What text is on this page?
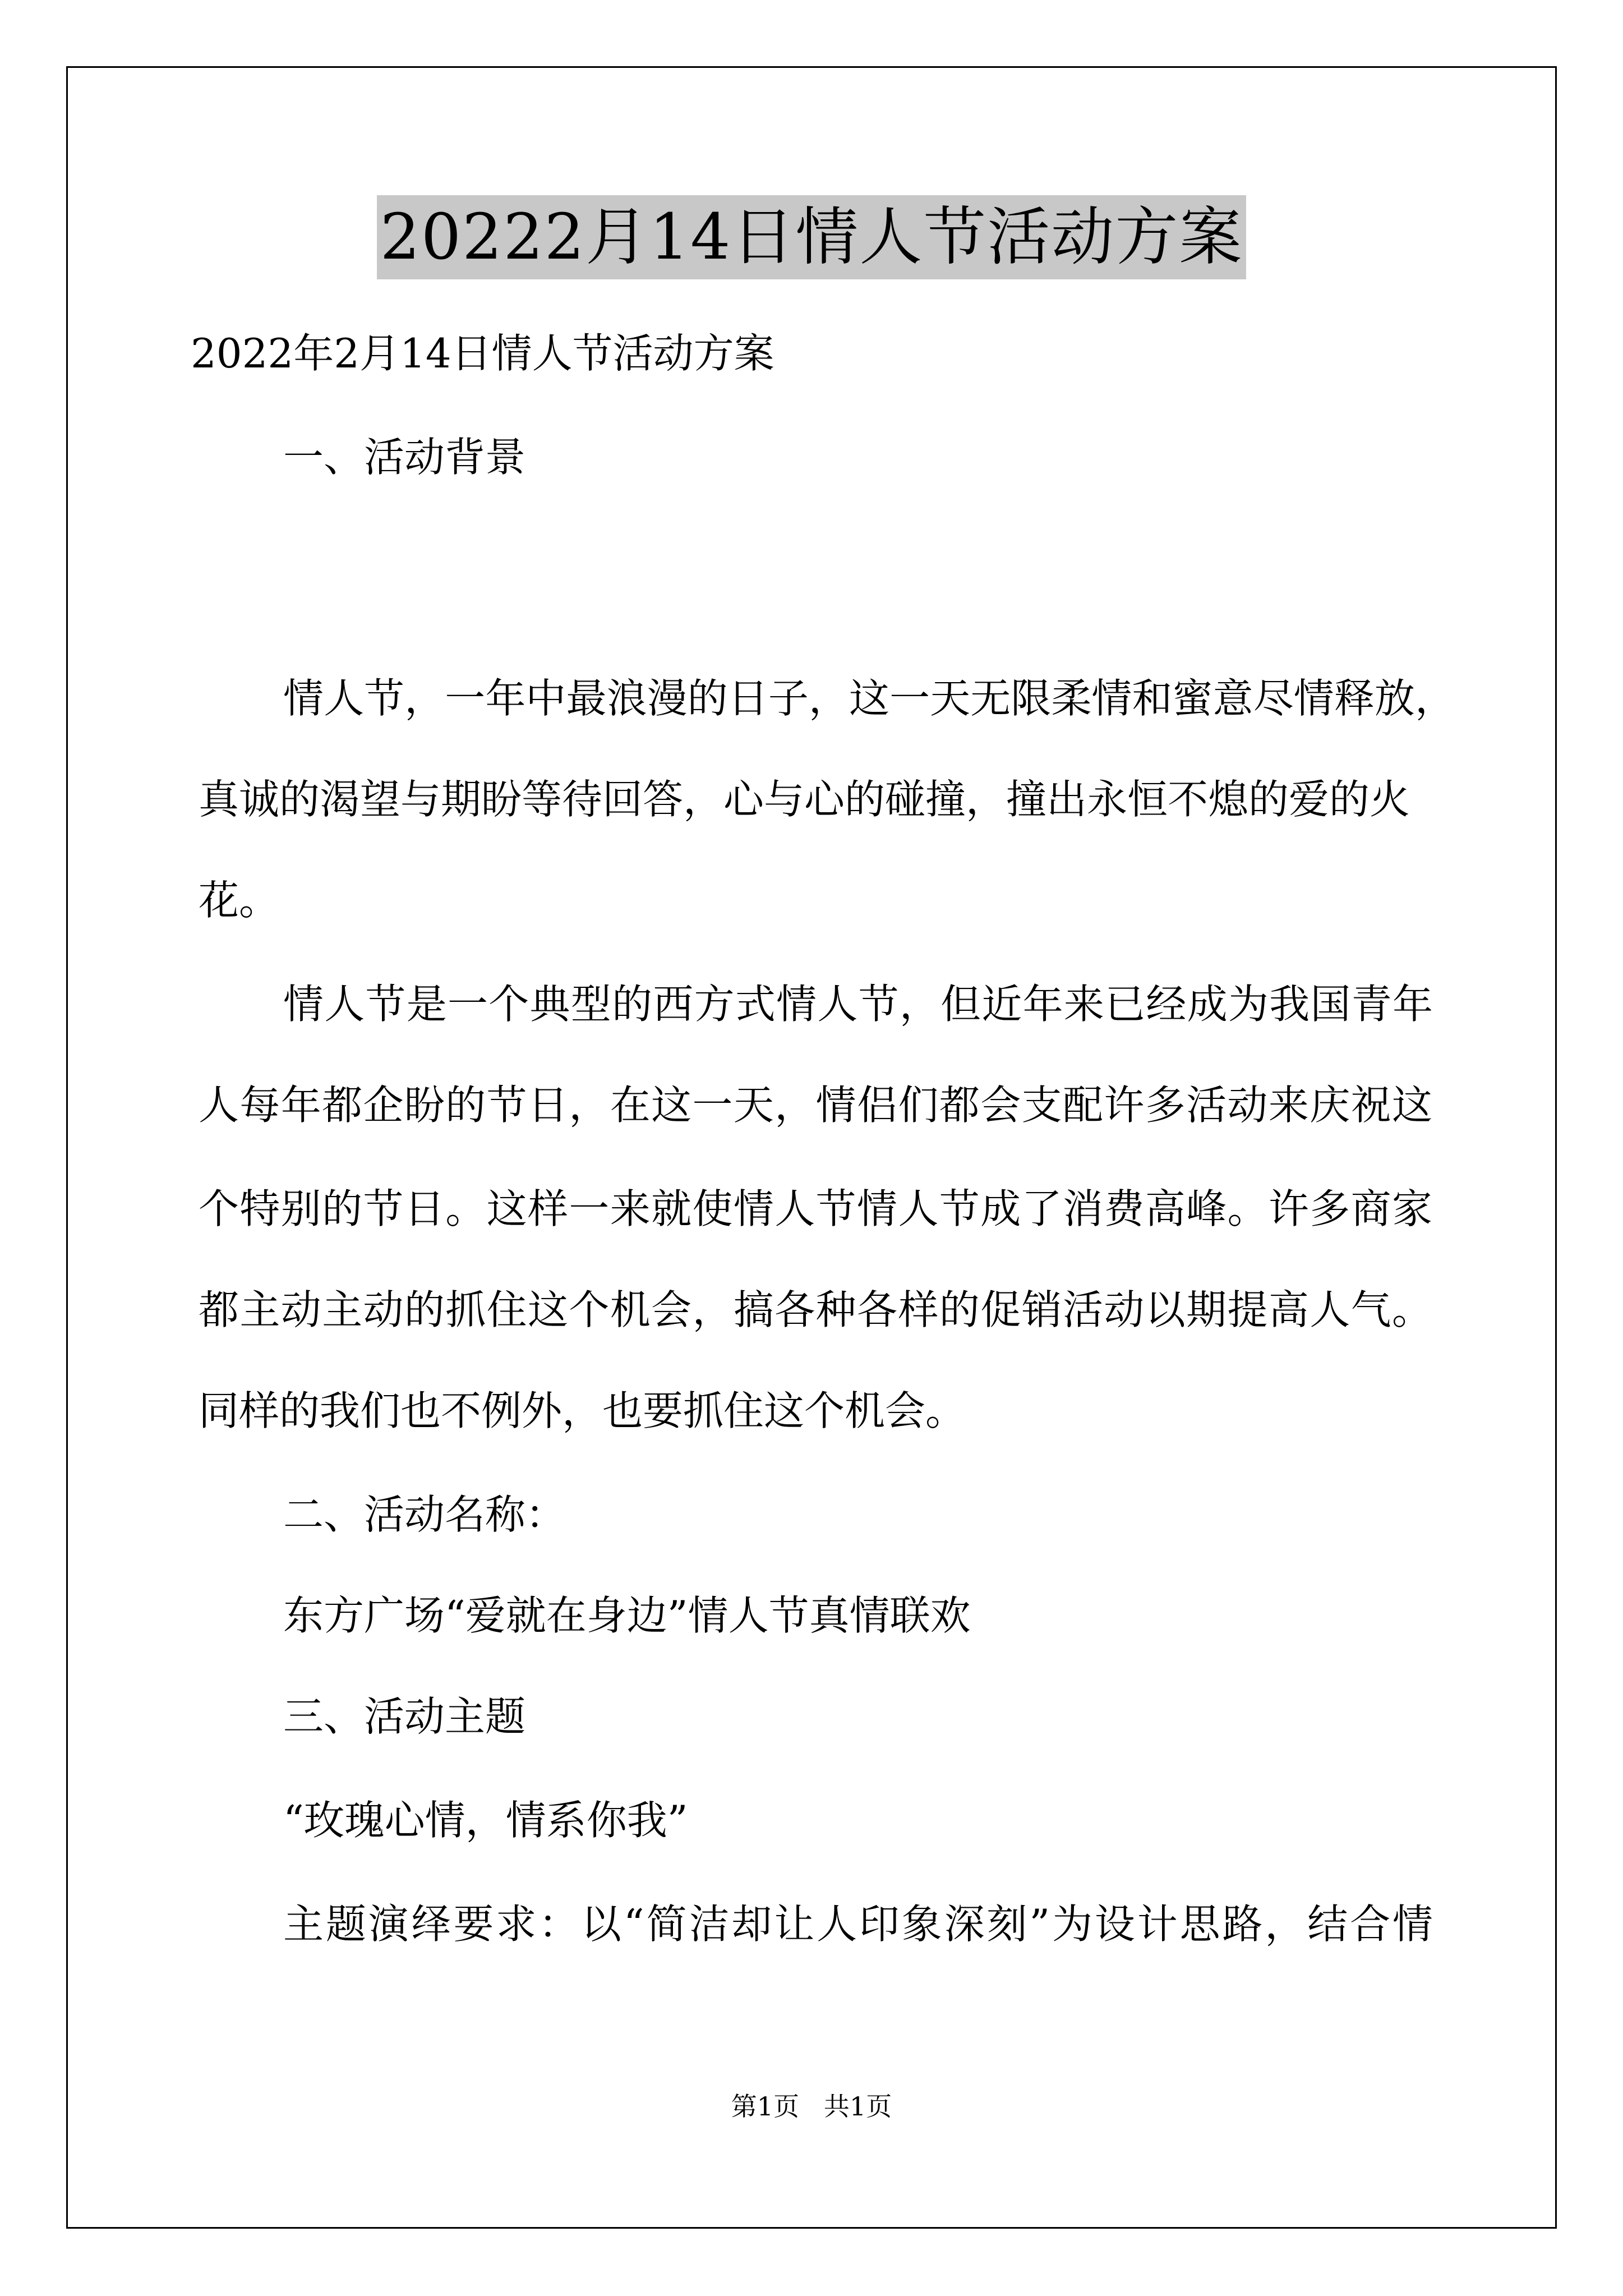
20222月14日情人节活动方案
2022年2月14日情人节活动方案
一、活动背景
情人节，一年中最浪漫的日子，这一天无限柔情和蜜意尽情释放，
真诚的渴望与期盼等待回答，心与心的碰撞，撞出永恒不熄的爱的火
花。
情人节是一个典型的西方式情人节，但近年来已经成为我国青年
人每年都企盼的节日，在这一天，情侣们都会支配许多活动来庆祝这
个特别的节日。这样一来就使情人节情人节成了消费高峰。许多商家
都主动主动的抓住这个机会，搞各种各样的促销活动以期提高人气。
同样的我们也不例外，也要抓住这个机会。
二、活动名称：
东方广场“爱就在身边”情人节真情联欢
三、活动主题
“玫瑰心情，情系你我”
主题演绎要求：以“简洁却让人印象深刻”为设计思路，结合情
第1页   共1页
